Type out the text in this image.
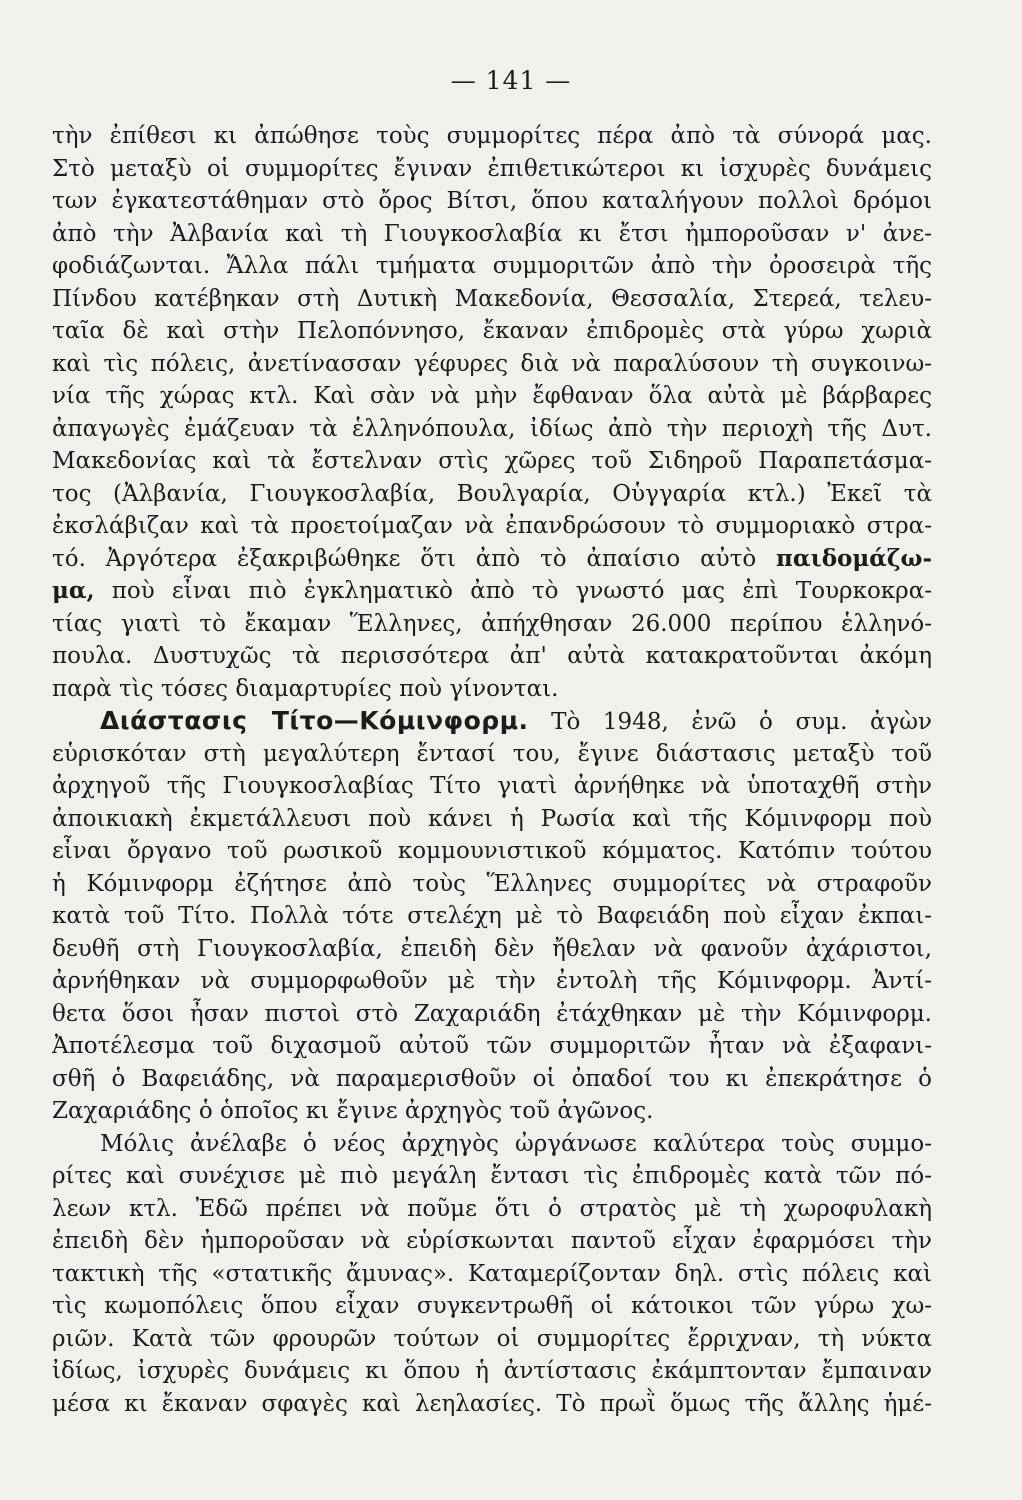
— 141 —
τὴν ἐπίθεσι κι ἀπώθησε τοὺς συμμορίτες πέρα ἀπὸ τὰ σύνορά μας.
Στὸ μεταξὺ οἱ συμμορίτες ἔγιναν ἐπιθετικώτεροι κι ἰσχυρὲς δυνάμεις
των ἐγκατεστάθημαν στὸ ὄρος Βίτσι, ὅπου καταλήγουν πολλοὶ δρόμοι
ἀπὸ τὴν Ἀλβανία καὶ τὴ Γιουγκοσλαβία κι ἔτσι ἠμποροῦσαν ν' ἀνε-
φοδιάζωνται. Ἄλλα πάλι τμήματα συμμοριτῶν ἀπὸ τὴν ὀροσειρὰ τῆς
Πίνδου κατέβηκαν στὴ Δυτικὴ Μακεδονία, Θεσσαλία, Στερεά, τελευ-
ταῖα δὲ καὶ στὴν Πελοπόννησο, ἔκαναν ἐπιδρομὲς στὰ γύρω χωριὰ
καὶ τὶς πόλεις, ἀνετίνασσαν γέφυρες διὰ νὰ παραλύσουν τὴ συγκοινω-
νία τῆς χώρας κτλ. Καὶ σὰν νὰ μὴν ἔφθαναν ὅλα αὐτὰ μὲ βάρβαρες
ἀπαγωγὲς ἐμάζευαν τὰ ἑλληνόπουλα, ἰδίως ἀπὸ τὴν περιοχὴ τῆς Δυτ.
Μακεδονίας καὶ τὰ ἔστελναν στὶς χῶρες τοῦ Σιδηροῦ Παραπετάσμα-
τος (Ἀλβανία, Γιουγκοσλαβία, Βουλγαρία, Οὑγγαρία κτλ.) Ἐκεῖ τὰ
ἐκσλάβιζαν καὶ τὰ προετοίμαζαν νὰ ἐπανδρώσουν τὸ συμμοριακὸ στρα-
τό. Ἀργότερα ἐξακριβώθηκε ὅτι ἀπὸ τὸ ἀπαίσιο αὐτὸ παιδομάζω-
μα, ποὺ εἶναι πιὸ ἐγκληματικὸ ἀπὸ τὸ γνωστό μας ἐπὶ Τουρκοκρα-
τίας γιατὶ τὸ ἔκαμαν Ἕλληνες, ἀπήχθησαν 26.000 περίπου ἑλληνό-
πουλα. Δυστυχῶς τὰ περισσότερα ἀπ' αὐτὰ κατακρατοῦνται ἀκόμη
παρὰ τὶς τόσες διαμαρτυρίες ποὺ γίνονται.
Διάστασις Τίτο—Κόμινφορμ. Τὸ 1948, ἐνῶ ὁ συμ. ἀγὼν
εὑρισκόταν στὴ μεγαλύτερη ἔντασί του, ἔγινε διάστασις μεταξὺ τοῦ
ἀρχηγοῦ τῆς Γιουγκοσλαβίας Τίτο γιατὶ ἀρνήθηκε νὰ ὑποταχθῆ στὴν
ἀποικιακὴ ἐκμετάλλευσι ποὺ κάνει ἡ Ρωσία καὶ τῆς Κόμινφορμ ποὺ
εἶναι ὄργανο τοῦ ρωσικοῦ κομμουνιστικοῦ κόμματος. Κατόπιν τούτου
ἡ Κόμινφορμ ἐζήτησε ἀπὸ τοὺς Ἕλληνες συμμορίτες νὰ στραφοῦν
κατὰ τοῦ Τίτο. Πολλὰ τότε στελέχη μὲ τὸ Βαφειάδη ποὺ εἶχαν ἐκπαι-
δευθῆ στὴ Γιουγκοσλαβία, ἐπειδὴ δὲν ἤθελαν νὰ φανοῦν ἀχάριστοι,
ἀρνήθηκαν νὰ συμμορφωθοῦν μὲ τὴν ἐντολὴ τῆς Κόμινφορμ. Ἀντί-
θετα ὅσοι ἦσαν πιστοὶ στὸ Ζαχαριάδη ἐτάχθηκαν μὲ τὴν Κόμινφορμ.
Ἀποτέλεσμα τοῦ διχασμοῦ αὐτοῦ τῶν συμμοριτῶν ἦταν νὰ ἐξαφανι-
σθῆ ὁ Βαφειάδης, νὰ παραμερισθοῦν οἱ ὀπαδοί του κι ἐπεκράτησε ὁ
Ζαχαριάδης ὁ ὁποῖος κι ἔγινε ἀρχηγὸς τοῦ ἀγῶνος.
Μόλις ἀνέλαβε ὁ νέος ἀρχηγὸς ὠργάνωσε καλύτερα τοὺς συμμο-
ρίτες καὶ συνέχισε μὲ πιὸ μεγάλη ἔντασι τὶς ἐπιδρομὲς κατὰ τῶν πό-
λεων κτλ. Ἐδῶ πρέπει νὰ ποῦμε ὅτι ὁ στρατὸς μὲ τὴ χωροφυλακὴ
ἐπειδὴ δὲν ἠμποροῦσαν νὰ εὑρίσκωνται παντοῦ εἶχαν ἐφαρμόσει τὴν
τακτικὴ τῆς «στατικῆς ἄμυνας». Καταμερίζονταν δηλ. στὶς πόλεις καὶ
τὶς κωμοπόλεις ὅπου εἶχαν συγκεντρωθῆ οἱ κάτοικοι τῶν γύρω χω-
ριῶν. Κατὰ τῶν φρουρῶν τούτων οἱ συμμορίτες ἔρριχναν, τὴ νύκτα
ἰδίως, ἰσχυρὲς δυνάμεις κι ὅπου ἡ ἀντίστασις ἐκάμπτονταν ἔμπαιναν
μέσα κι ἔκαναν σφαγὲς καὶ λεηλασίες. Τὸ πρωῒ ὅμως τῆς ἄλλης ἡμέ-
